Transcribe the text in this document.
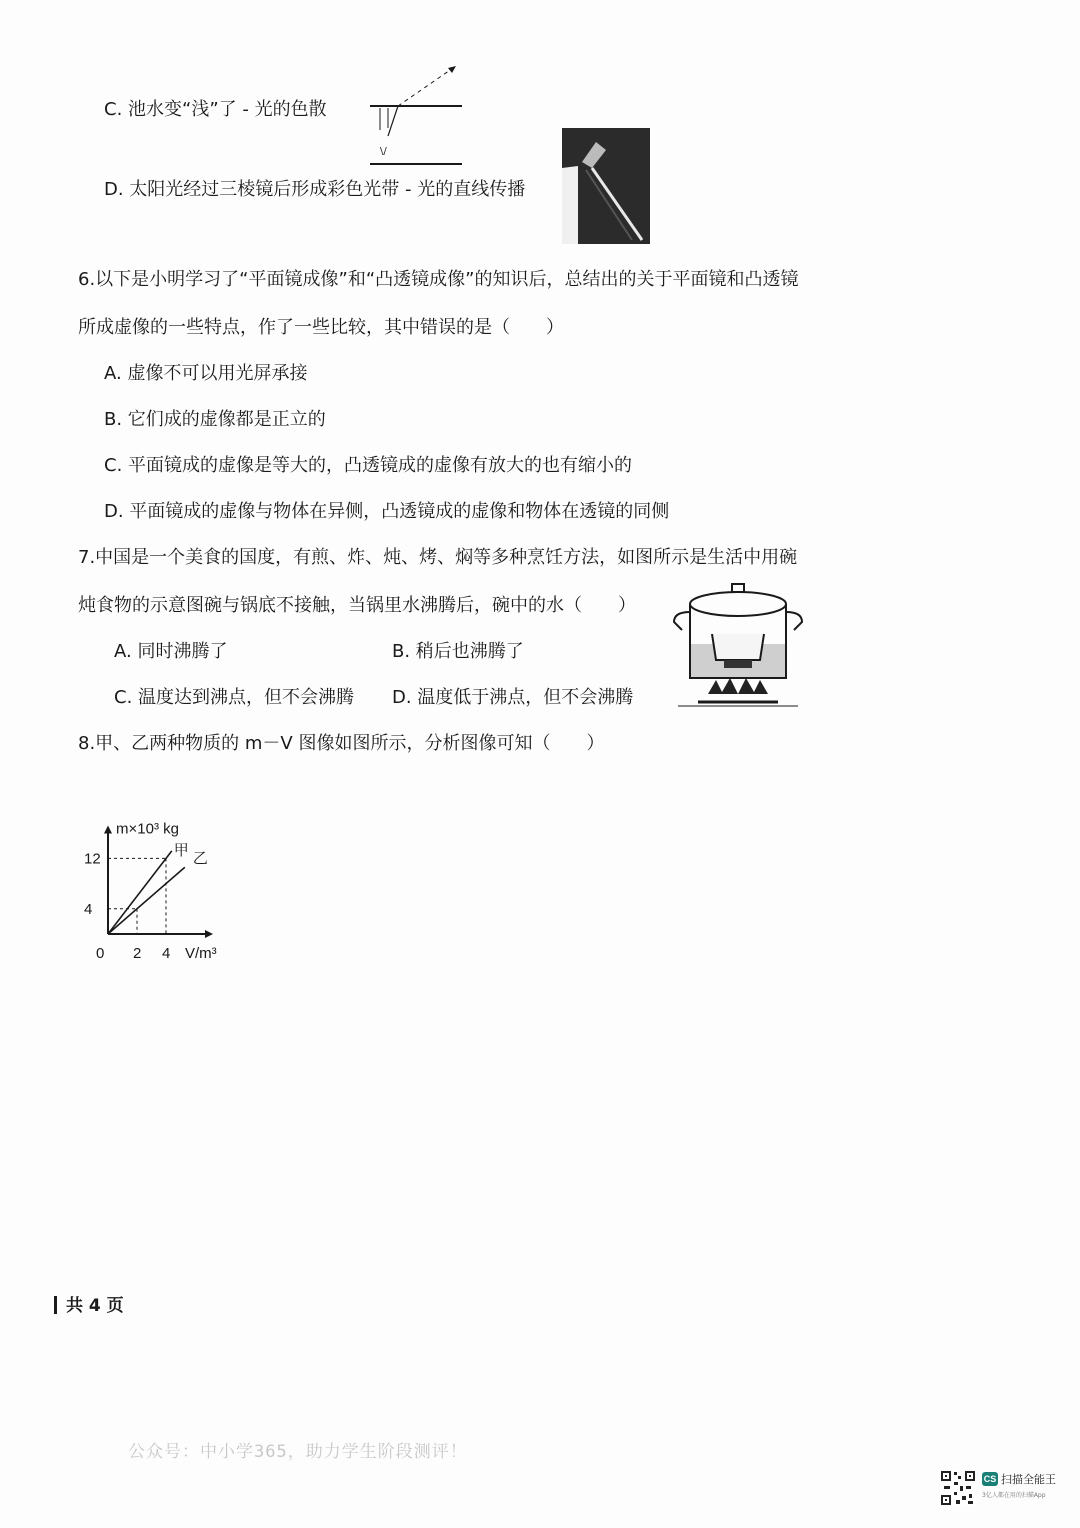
C. 池水变“浅”了 - 光的色散
D. 太阳光经过三棱镜后形成彩色光带 - 光的直线传播
\/
6.以下是小明学习了“平面镜成像”和“凸透镜成像”的知识后，总结出的关于平面镜和凸透镜
所成虚像的一些特点，作了一些比较，其中错误的是（　　）
A. 虚像不可以用光屏承接
B. 它们成的虚像都是正立的
C. 平面镜成的虚像是等大的，凸透镜成的虚像有放大的也有缩小的
D. 平面镜成的虚像与物体在异侧，凸透镜成的虚像和物体在透镜的同侧
7.中国是一个美食的国度，有煎、炸、炖、烤、焖等多种烹饪方法，如图所示是生活中用碗
炖食物的示意图碗与锅底不接触，当锅里水沸腾后，碗中的水（　　）
A. 同时沸腾了	B. 稍后也沸腾了
C. 温度达到沸点，但不会沸腾 D. 温度低于沸点，但不会沸腾
8.甲、乙两种物质的 m－V 图像如图所示，分析图像可知（　　）
m×10³ kg
V/m³
0 2 4
4
12
甲 乙
共 4 页
公众号：中小学365，助力学生阶段测评！
CS 扫描全能王
3亿人都在用的扫描App
